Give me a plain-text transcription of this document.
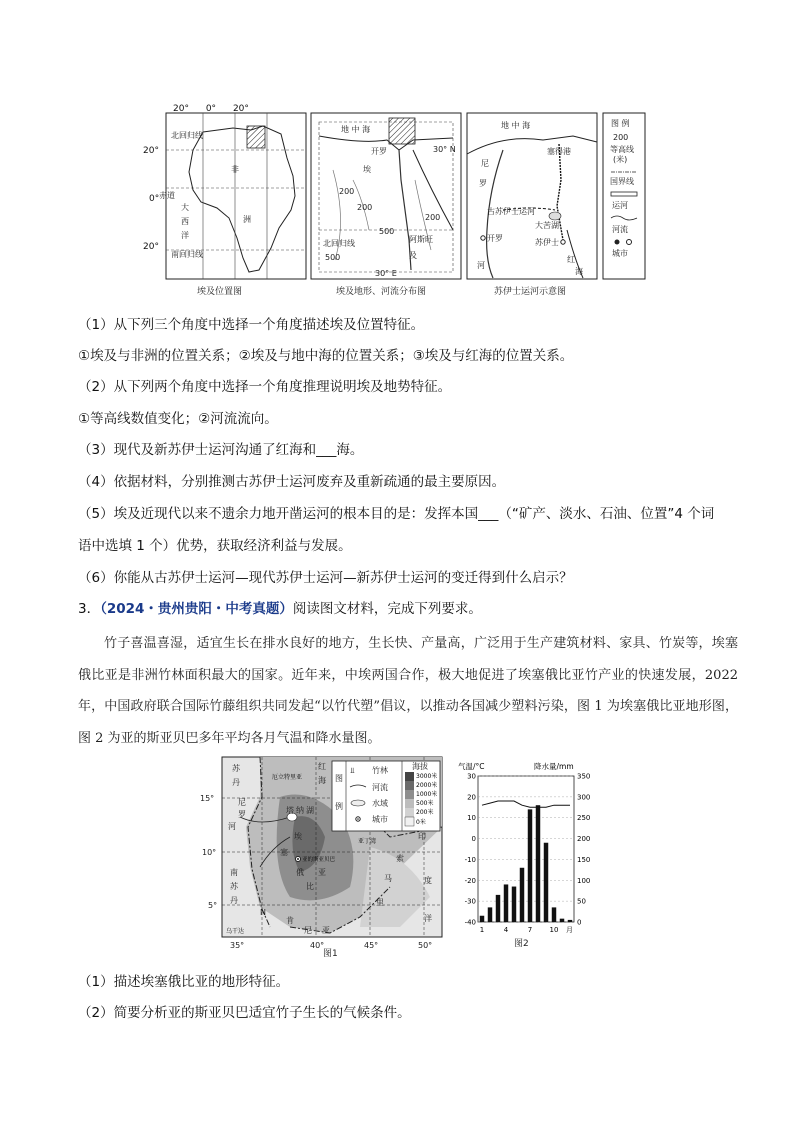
北回归线
南回归线
赤道
非
洲
大
西
洋
地 中 海
30° N
30° E
埃
及
开罗
北回归线	阿斯旺
200
200
500
500
200
地 中 海
塞得港
古苏伊士运河
大苦湖
开罗	苏伊士
尼
罗
河
红
海
图 例
200
等高线
(米)
国界线
运河
河流
城市
20° 0° 20°
20°
0°
20°
埃及位置图	埃及地形、河流分布图	苏伊士运河示意图
（1）从下列三个角度中选择一个角度描述埃及位置特征。
①埃及与非洲的位置关系；②埃及与地中海的位置关系；③埃及与红海的位置关系。
（2）从下列两个角度中选择一个角度推理说明埃及地势特征。
①等高线数值变化；②河流流向。
（3）现代及新苏伊士运河沟通了红海和___海。
（4）依据材料，分别推测古苏伊士运河废弃及重新疏通的最主要原因。
（5）埃及近现代以来不遗余力地开凿运河的根本目的是：发挥本国___（“矿产、淡水、石油、位置”4 个词
语中选填 1 个）优势，获取经济利益与发展。
（6）你能从古苏伊士运河—现代苏伊士运河—新苏伊士运河的变迁得到什么启示？
3．（2024・贵州贵阳・中考真题）阅读图文材料，完成下列要求。
竹子喜温喜湿，适宜生长在排水良好的地方，生长快、产量高，广泛用于生产建筑材料、家具、竹炭等，埃塞俄比亚是非洲竹林面积最大的国家。近年来，中埃两国合作，极大地促进了埃塞俄比亚竹产业的快速发展，2022 年，中国政府联合国际竹藤组织共同发起“以竹代塑”倡议，以推动各国减少塑料污染，图 1 为埃塞俄比亚地形图，图 2 为亚的斯亚贝巴多年平均各月气温和降水量图。
图
例
⫫ 竹林
河流
水域
城市
海拔
3000米
2000米
1000米
500米
200米
0米
苏
丹
厄立特里亚
红
海
亚丁湾
索
马
里
印
度
洋
亚的斯亚贝巴
埃
塞
俄
比
亚
塔 纳 湖
尼
罗
河
南
苏
丹
N
肯
尼 亚
乌干达
35°	40°	45°	50°
15°
10°
5°
图1
气温/°C	降水量/mm
-40
-30
-20
-10
0
10
20
30
0
50
100
150
200
250
300
350
1	4	7 10 月
图2
（1）描述埃塞俄比亚的地形特征。
（2）简要分析亚的斯亚贝巴适宜竹子生长的气候条件。
